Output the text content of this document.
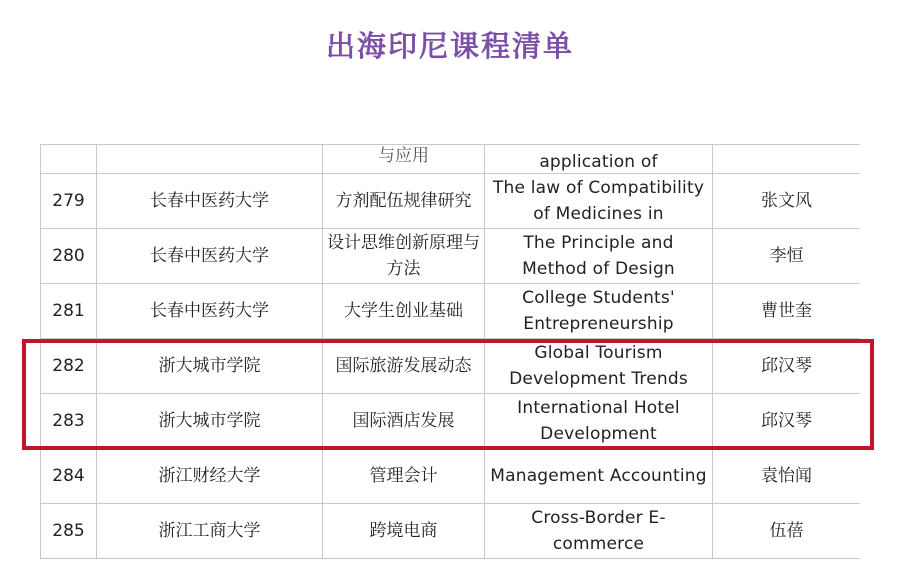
出海印尼课程清单

		与应用	application of	
279	长春中医药大学	方剂配伍规律研究	The law of Compatibility of Medicines in	张文风
280	长春中医药大学	设计思维创新原理与方法	The Principle and Method of Design	李恒
281	长春中医药大学	大学生创业基础	College Students' Entrepreneurship	曹世奎
282	浙大城市学院	国际旅游发展动态	Global Tourism Development Trends	邱汉琴
283	浙大城市学院	国际酒店发展	International Hotel Development	邱汉琴
284	浙江财经大学	管理会计	Management Accounting	袁怡闻
285	浙江工商大学	跨境电商	Cross-Border E-commerce	伍蓓
